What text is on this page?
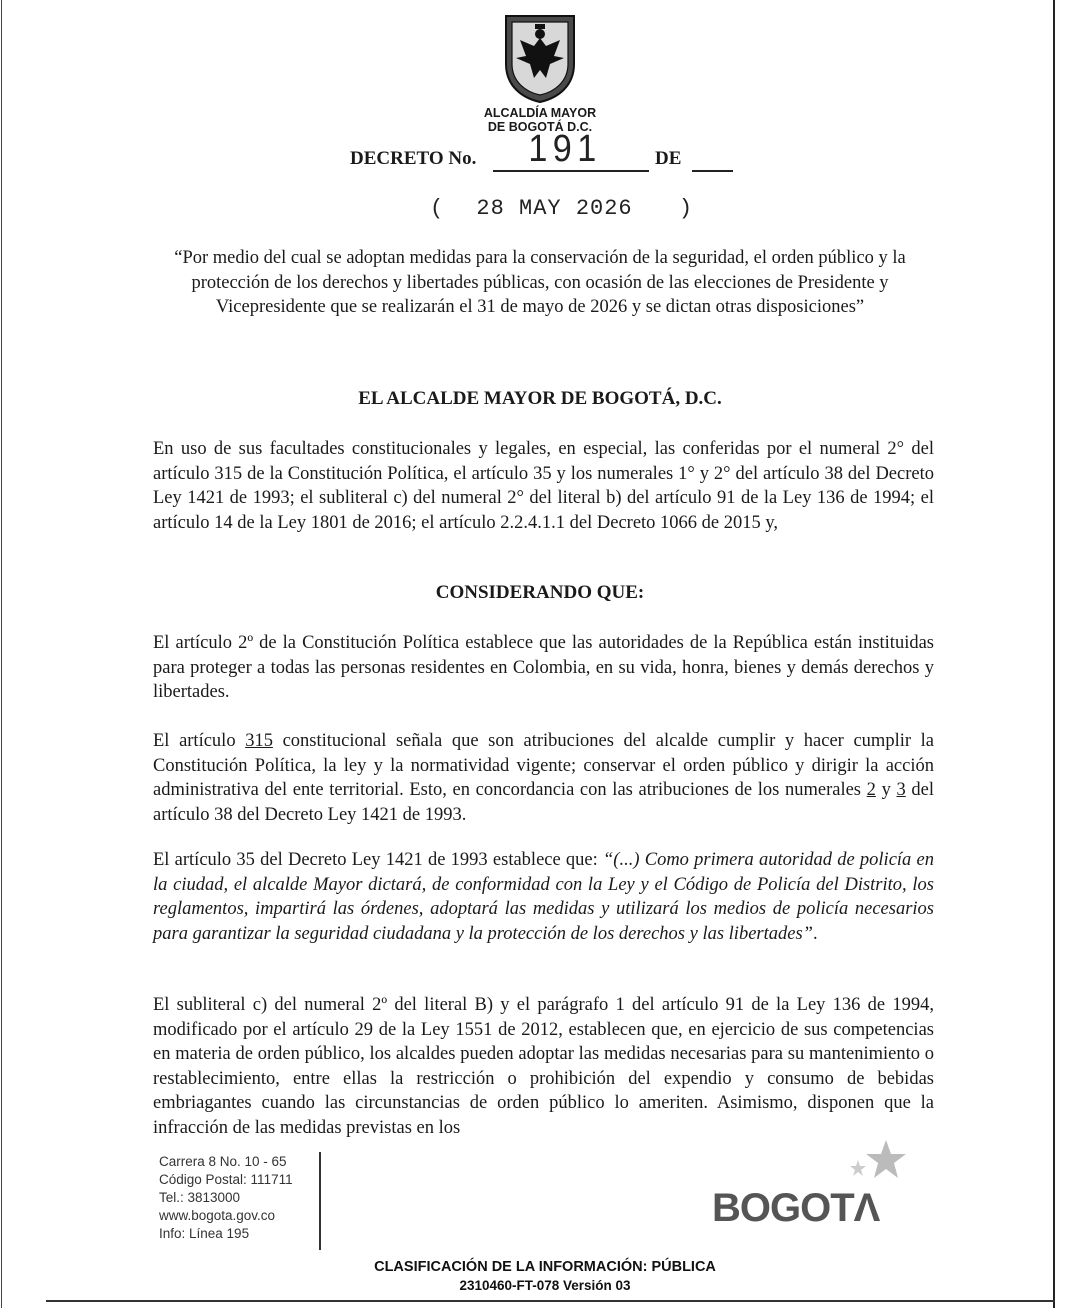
ALCALDÍA MAYOR
DE BOGOTÁ D.C.
DECRETO No.	191	DE
( 28 MAY 2026 )
“Por medio del cual se adoptan medidas para la conservación de la seguridad, el orden público y la protección de los derechos y libertades públicas, con ocasión de las elecciones de Presidente y Vicepresidente que se realizarán el 31 de mayo de 2026 y se dictan otras disposiciones”
EL ALCALDE MAYOR DE BOGOTÁ, D.C.
En uso de sus facultades constitucionales y legales, en especial, las conferidas por el numeral 2° del artículo 315 de la Constitución Política, el artículo 35 y los numerales 1° y 2° del artículo 38 del Decreto Ley 1421 de 1993; el subliteral c) del numeral 2° del literal b) del artículo 91 de la Ley 136 de 1994; el artículo 14 de la Ley 1801 de 2016; el artículo 2.2.4.1.1 del Decreto 1066 de 2015 y,
CONSIDERANDO QUE:
El artículo 2º de la Constitución Política establece que las autoridades de la República están instituidas para proteger a todas las personas residentes en Colombia, en su vida, honra, bienes y demás derechos y libertades.
El artículo 315 constitucional señala que son atribuciones del alcalde cumplir y hacer cumplir la Constitución Política, la ley y la normatividad vigente; conservar el orden público y dirigir la acción administrativa del ente territorial. Esto, en concordancia con las atribuciones de los numerales 2 y 3 del artículo 38 del Decreto Ley 1421 de 1993.
El artículo 35 del Decreto Ley 1421 de 1993 establece que: “(...) Como primera autoridad de policía en la ciudad, el alcalde Mayor dictará, de conformidad con la Ley y el Código de Policía del Distrito, los reglamentos, impartirá las órdenes, adoptará las medidas y utilizará los medios de policía necesarios para garantizar la seguridad ciudadana y la protección de los derechos y las libertades”.
El subliteral c) del numeral 2º del literal B) y el parágrafo 1 del artículo 91 de la Ley 136 de 1994, modificado por el artículo 29 de la Ley 1551 de 2012, establecen que, en ejercicio de sus competencias en materia de orden público, los alcaldes pueden adoptar las medidas necesarias para su mantenimiento o restablecimiento, entre ellas la restricción o prohibición del expendio y consumo de bebidas embriagantes cuando las circunstancias de orden público lo ameriten. Asimismo, disponen que la infracción de las medidas previstas en los
Carrera 8 No. 10 - 65
Código Postal: 111711
Tel.: 3813000
www.bogota.gov.co
Info: Línea 195
BOGOTΛ
CLASIFICACIÓN DE LA INFORMACIÓN: PÚBLICA
2310460-FT-078 Versión 03
